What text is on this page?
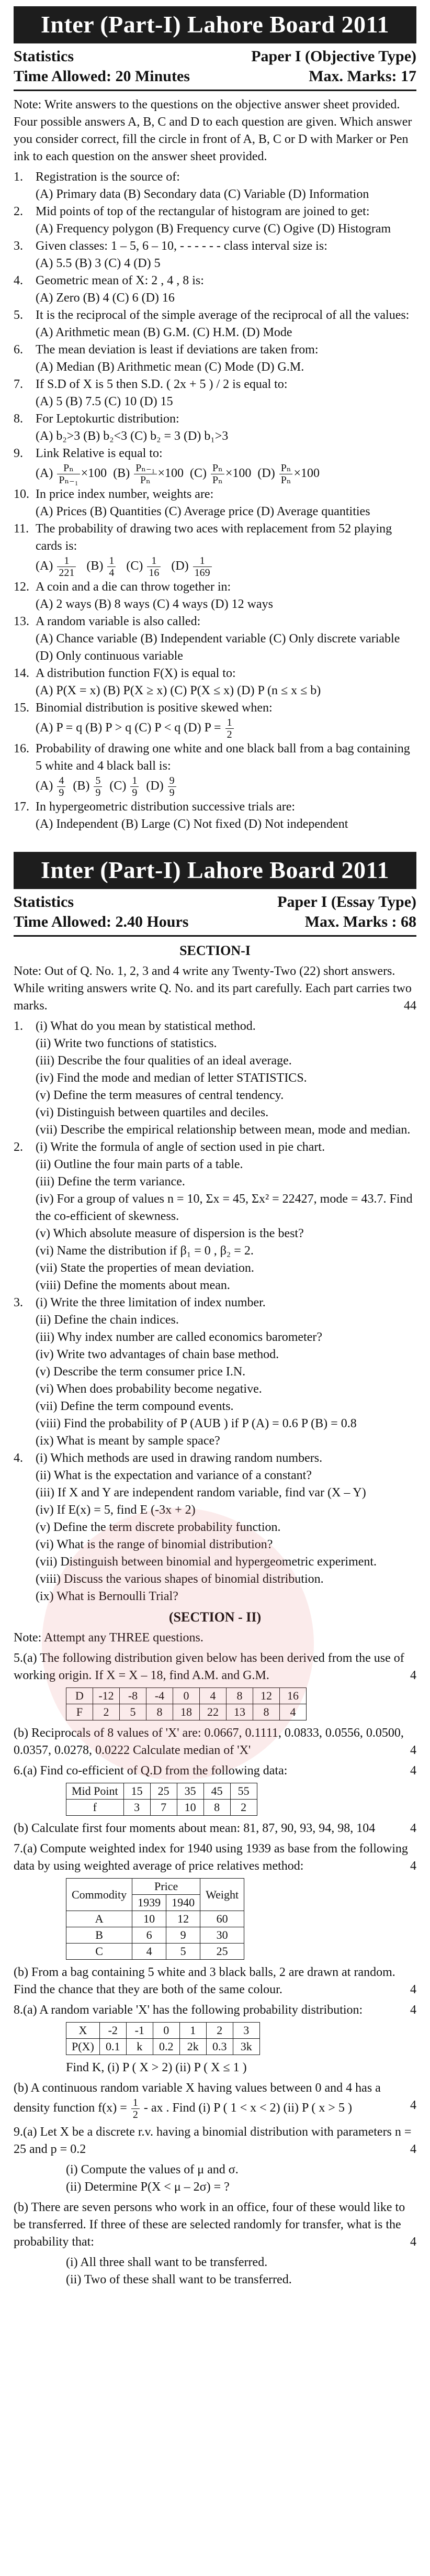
Inter (Part-I) Lahore Board 2011
Statistics
Time Allowed: 20 Minutes
Paper I (Objective Type)
Max. Marks: 17
Note: Write answers to the questions on the objective answer sheet provided. Four possible answers A, B, C and D to each question are given. Which answer you consider correct, fill the circle in front of A, B, C or D with Marker or Pen ink to each question on the answer sheet provided.
1.	Registration is the source of:
(A) Primary data (B) Secondary data (C) Variable (D) Information
2.	Mid points of top of the rectangular of histogram are joined to get:
(A) Frequency polygon (B) Frequency curve (C) Ogive (D) Histogram
3.	Given classes: 1 – 5, 6 – 10, - - - - - - class interval size is:
(A) 5.5 (B) 3 (C) 4 (D) 5
4.	Geometric mean of X: 2 , 4 , 8 is:
(A) Zero (B) 4 (C) 6 (D) 16
5.	It is the reciprocal of the simple average of the reciprocal of all the values:
(A) Arithmetic mean (B) G.M. (C) H.M. (D) Mode
6.	The mean deviation is least if deviations are taken from:
(A) Median (B) Arithmetic mean (C) Mode (D) G.M.
7.	If S.D of X is 5 then S.D. ( 2x + 5 ) / 2 is equal to:
(A) 5 (B) 7.5 (C) 10 (D) 15
8.	For Leptokurtic distribution:
(A) b₂>3 (B) b₂<3 (C) b₂ = 3 (D) b₁>3
9.	Link Relative is equal to:
$(A) \frac{\text{Pₙ}}{\text{Pₙ₋₁}} \times 100$ $(B) \frac{\text{Pₙ₋₁}}{\text{Pₙ}} \times 100$ $(C) \frac{\text{Pₙ}}{\text{Pₙ}} \times 100$ $(D) \frac{\text{Pₙ}}{\text{Pₙ}} \times 100$
10. In price index number, weights are:
(A) Prices (B) Quantities (C) Average price (D) Average quantities
11. The probability of drawing two aces with replacement from 52 playing cards is:
$(A) \frac{1}{221} (B) \frac{1}{4} (C) \frac{1}{16} (D) \frac{1}{169}$
12. A coin and a die can throw together in:
(A) 2 ways (B) 8 ways (C) 4 ways (D) 12 ways
13. A random variable is also called:
(A) Chance variable (B) Independent variable (C) Only discrete variable (D) Only continuous variable
14. A distribution function F(X) is equal to:
(A) P(X = x) (B) P(X ≥ x) (C) P(X ≤ x) (D) P (n ≤ x ≤ b)
15. Binomial distribution is positive skewed when:
(A) P = q (B) P > q (C) P < q (D) $P = \frac{1}{2}$
16. Probability of drawing one white and one black ball from a bag containing 5 white and 4 black ball is:
$(A) \frac{4}{9} (B) \frac{5}{9} (C) \frac{1}{9} (D) \frac{9}{9}$
17. In hypergeometric distribution successive trials are:
(A) Independent (B) Large (C) Not fixed (D) Not independent
Inter (Part-I) Lahore Board 2011
Statistics
Time Allowed: 2.40 Hours
Paper I (Essay Type)
Max. Marks : 68
SECTION-I
Note: Out of Q. No. 1, 2, 3 and 4 write any Twenty-Two (22) short answers. While writing answers write Q. No. and its part carefully. Each part carries two marks.	44
1.	(i) What do you mean by statistical method.
(ii) Write two functions of statistics.
(iii) Describe the four qualities of an ideal average.
(iv) Find the mode and median of letter STATISTICS.
(v) Define the term measures of central tendency.
(vi) Distinguish between quartiles and deciles.
(vii) Describe the empirical relationship between mean, mode and median.
2.	(i) Write the formula of angle of section used in pie chart.
(ii) Outline the four main parts of a table.
(iii) Define the term variance.
(iv) For a group of values n = 10, Σx = 45, Σx² = 22427, mode = 43.7. Find the co-efficient of skewness.
(v) Which absolute measure of dispersion is the best?
(vi) Name the distribution if β₁ = 0 , β₂ = 2.
(vii) State the properties of mean deviation.
(viii) Define the moments about mean.
3.	(i) Write the three limitation of index number.
(ii) Define the chain indices.
(iii) Why index number are called economics barometer?
(iv) Write two advantages of chain base method.
(v) Describe the term consumer price I.N.
(vi) When does probability become negative.
(vii) Define the term compound events.
(viii) Find the probability of P (AUB ) if P (A) = 0.6 P (B) = 0.8
(ix) What is meant by sample space?
4.	(i) Which methods are used in drawing random numbers.
(ii) What is the expectation and variance of a constant?
(iii) If X and Y are independent random variable, find var (X – Y)
(iv) If E(x) = 5, find E (-3x + 2)
(v) Define the term discrete probability function.
(vi) What is the range of binomial distribution?
(vii) Distinguish between binomial and hypergeometric experiment.
(viii) Discuss the various shapes of binomial distribution.
(ix) What is Bernoulli Trial?
(SECTION - II)
Note: Attempt any THREE questions.
5.(a) The following distribution given below has been derived from the use of working origin. If X = X – 18, find A.M. and G.M.	4
D	-12	-8	-4	0	4	8	12	16
F	2	5	8	18	22	13	8	4
(b) Reciprocals of 8 values of 'X' are: 0.0667, 0.1111, 0.0833, 0.0556, 0.0500, 0.0357, 0.0278, 0.0222 Calculate median of 'X'	4
6.(a) Find co-efficient of Q.D from the following data:	4
Mid Point	15	25	35	45	55
f	3	7	10	8	2
(b) Calculate first four moments about mean: 81, 87, 90, 93, 94, 98, 104	4
7.(a) Compute weighted index for 1940 using 1939 as base from the following data by using weighted average of price relatives method:	4
Commodity	Price		Weight
	1939	1940	
A	10	12	60
B	6	9	30
C	4	5	25
(b) From a bag containing 5 white and 3 black balls, 2 are drawn at random. Find the chance that they are both of the same colour.	4
8.(a) A random variable 'X' has the following probability distribution:	4
X	-2	-1	0	1	2	3
P(X)	0.1	k	0.2	2k	0.3	3k
Find K, (i) P ( X > 2) (ii) P ( X ≤ 1 )
(b) A continuous random variable X having values between 0 and 4 has a density function $f(x) = \frac{1}{2}$ - ax . Find (i) P ( 1 < x < 2) (ii) P ( x > 5 )	4
9.(a) Let X be a discrete r.v. having a binomial distribution with parameters n = 25 and p = 0.2	4
(i) Compute the values of μ and σ.
(ii) Determine P(X < μ – 2σ) = ?
(b) There are seven persons who work in an office, four of these would like to be transferred. If three of these are selected randomly for transfer, what is the probability that:	4
(i) All three shall want to be transferred.
(ii) Two of these shall want to be transferred.
